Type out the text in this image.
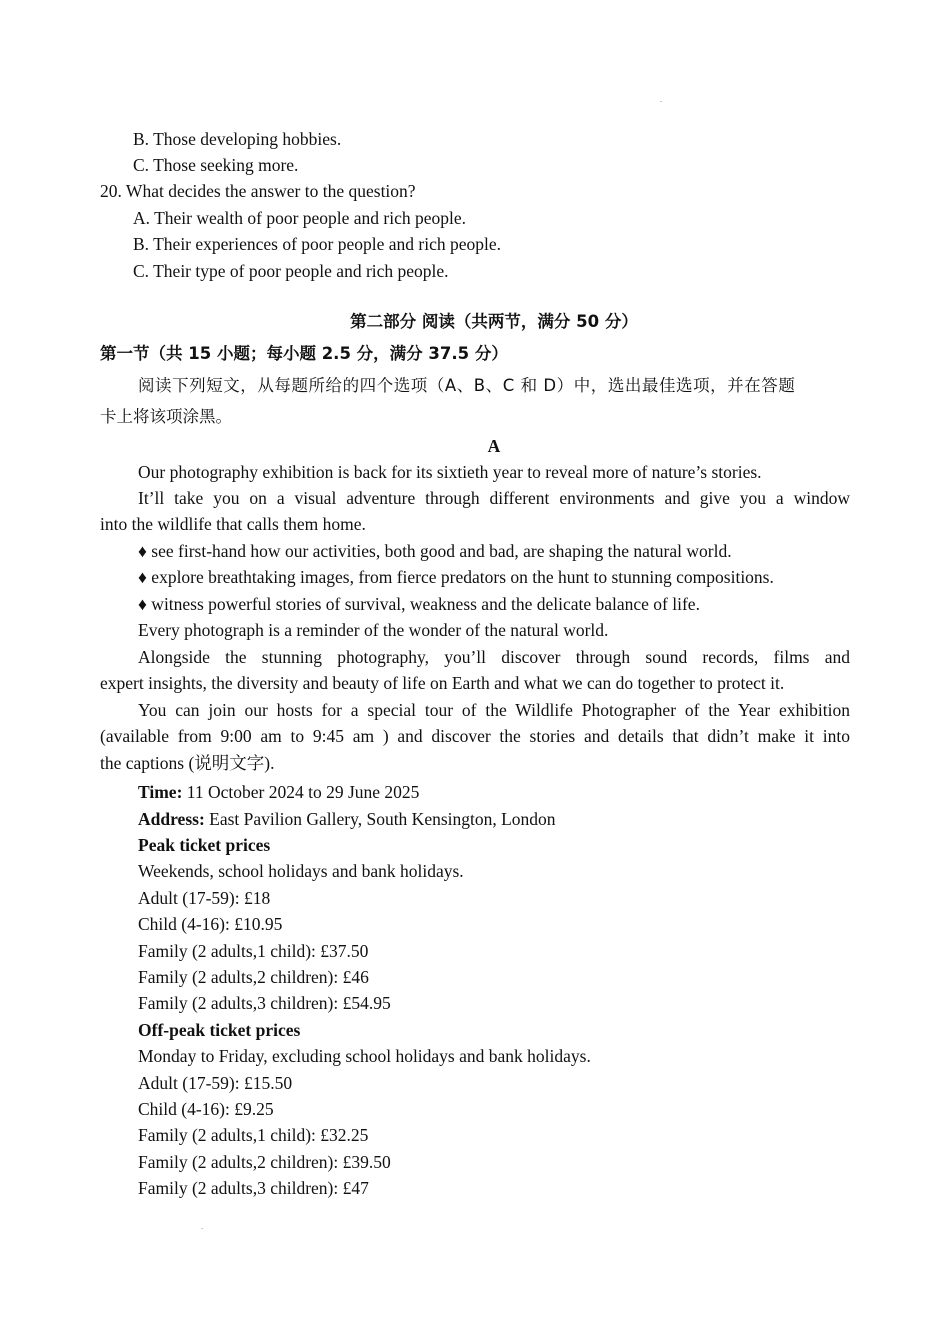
B. Those developing hobbies.
C. Those seeking more.
20. What decides the answer to the question?
A. Their wealth of poor people and rich people.
B. Their experiences of poor people and rich people.
C. Their type of poor people and rich people.
第二部分 阅读（共两节，满分 50 分）
第一节（共 15 小题；每小题 2.5 分，满分 37.5 分）
阅读下列短文，从每题所给的四个选项（A、B、C 和 D）中，选出最佳选项，并在答题
卡上将该项涂黑。
A
Our photography exhibition is back for its sixtieth year to reveal more of nature’s stories.
It’ll take you on a visual adventure through different environments and give you a window
into the wildlife that calls them home.
♦ see first-hand how our activities, both good and bad, are shaping the natural world.
♦ explore breathtaking images, from fierce predators on the hunt to stunning compositions.
♦ witness powerful stories of survival, weakness and the delicate balance of life.
Every photograph is a reminder of the wonder of the natural world.
Alongside the stunning photography, you’ll discover through sound records, films and
expert insights, the diversity and beauty of life on Earth and what we can do together to protect it.
You can join our hosts for a special tour of the Wildlife Photographer of the Year exhibition
(available from 9:00 am to 9:45 am ) and discover the stories and details that didn’t make it into
the captions (说明文字).
Time: 11 October 2024 to 29 June 2025
Address: East Pavilion Gallery, South Kensington, London
Peak ticket prices
Weekends, school holidays and bank holidays.
Adult (17-59): £18
Child (4-16): £10.95
Family (2 adults,1 child): £37.50
Family (2 adults,2 children): £46
Family (2 adults,3 children): £54.95
Off-peak ticket prices
Monday to Friday, excluding school holidays and bank holidays.
Adult (17-59): £15.50
Child (4-16): £9.25
Family (2 adults,1 child): £32.25
Family (2 adults,2 children): £39.50
Family (2 adults,3 children): £47
